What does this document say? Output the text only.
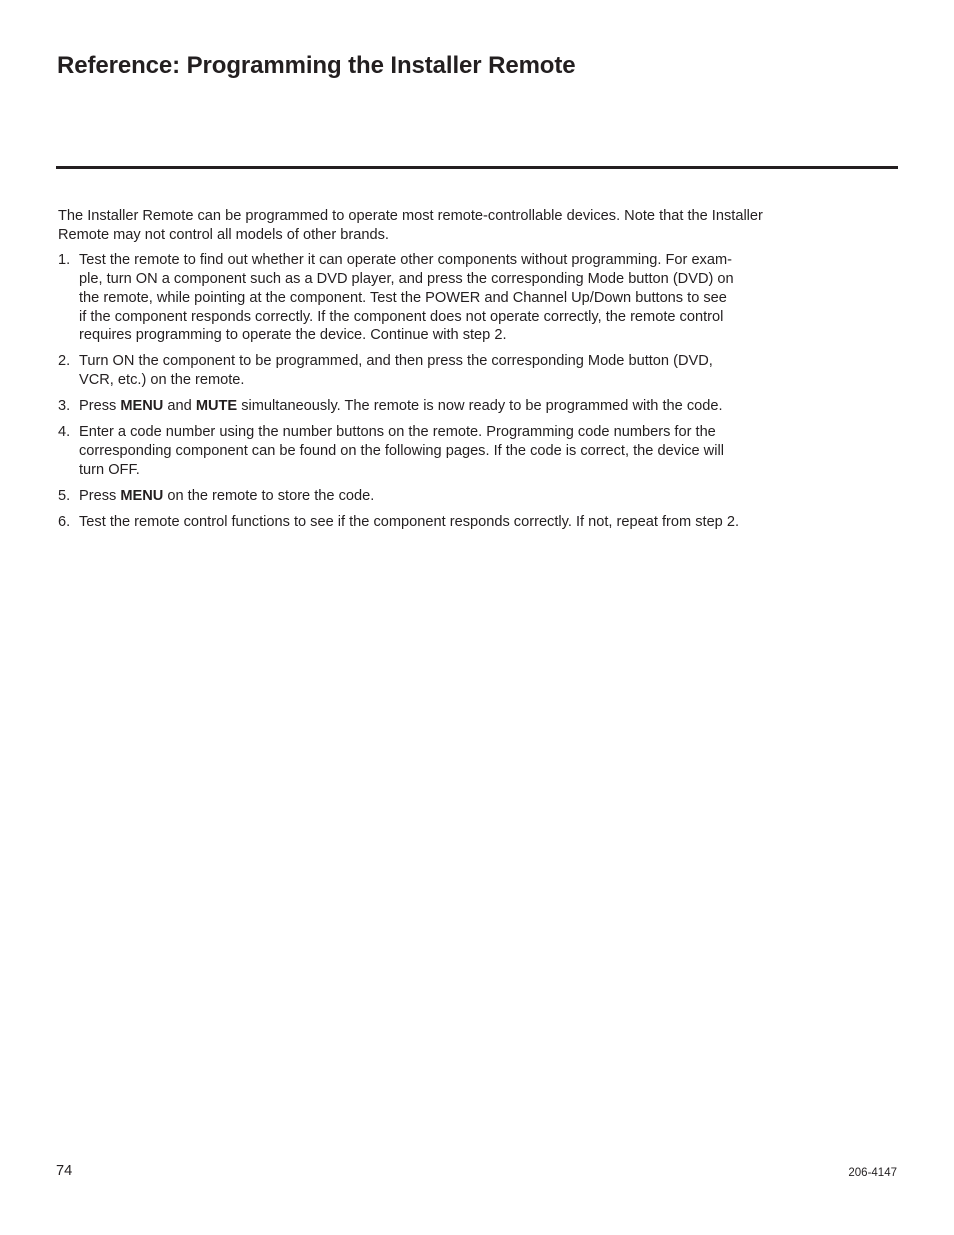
Reference: Programming the Installer Remote

The Installer Remote can be programmed to operate most remote-controllable devices. Note that the Installer Remote may not control all models of other brands.

1. Test the remote to find out whether it can operate other components without programming. For exam-
ple, turn ON a component such as a DVD player, and press the corresponding Mode button (DVD) on
the remote, while pointing at the component. Test the POWER and Channel Up/Down buttons to see
if the component responds correctly. If the component does not operate correctly, the remote control
requires programming to operate the device. Continue with step 2.
2. Turn ON the component to be programmed, and then press the corresponding Mode button (DVD,
VCR, etc.) on the remote.
3. Press MENU and MUTE simultaneously. The remote is now ready to be programmed with the code.
4. Enter a code number using the number buttons on the remote. Programming code numbers for the
corresponding component can be found on the following pages. If the code is correct, the device will
turn OFF.
5. Press MENU on the remote to store the code.
6. Test the remote control functions to see if the component responds correctly. If not, repeat from step 2.
74	206-4147
